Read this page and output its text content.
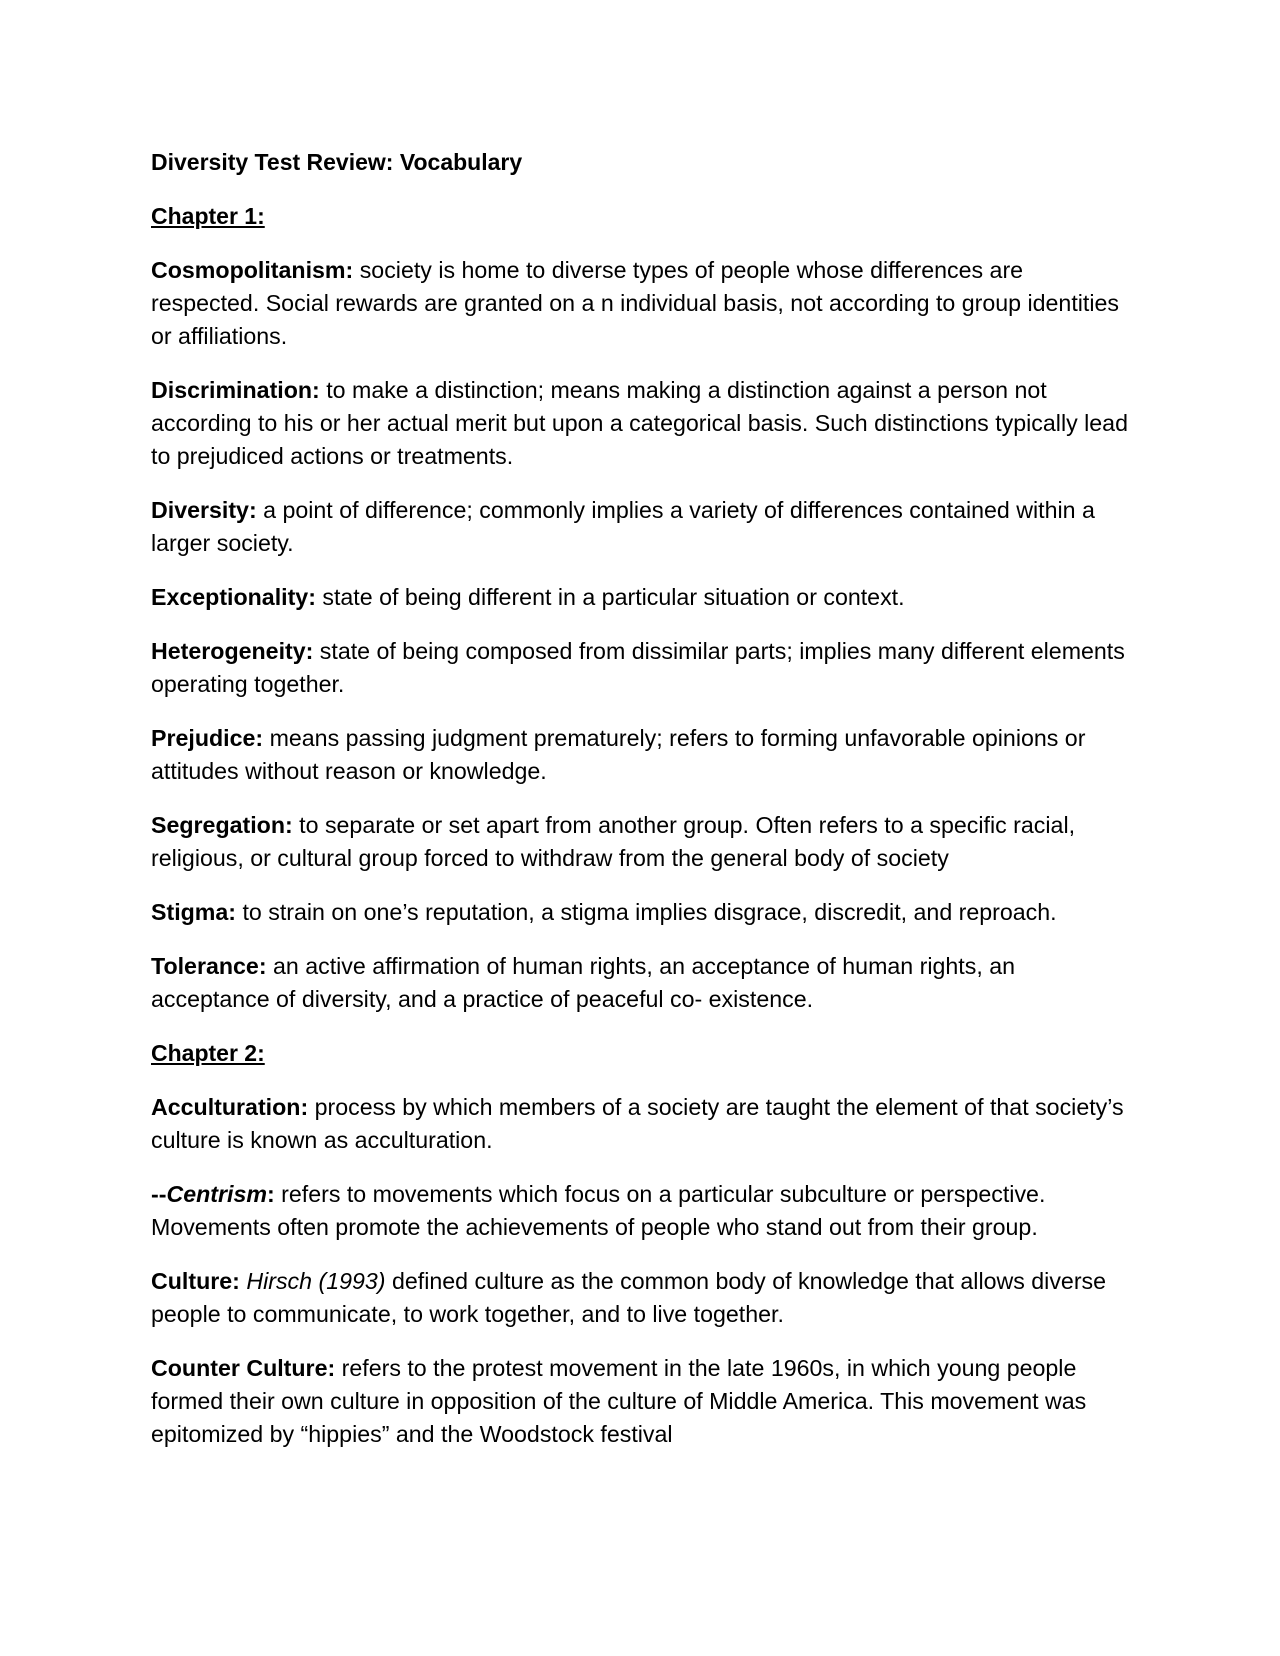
Diversity Test Review: Vocabulary
Chapter 1:

Cosmopolitanism: society is home to diverse types of people whose differences are respected. Social rewards are granted on a n individual basis, not according to group identities or affiliations.

Discrimination: to make a distinction; means making a distinction against a person not according to his or her actual merit but upon a categorical basis. Such distinctions typically lead to prejudiced actions or treatments.

Diversity: a point of difference; commonly implies a variety of differences contained within a larger society.

Exceptionality: state of being different in a particular situation or context.

Heterogeneity: state of being composed from dissimilar parts; implies many different elements operating together.

Prejudice: means passing judgment prematurely; refers to forming unfavorable opinions or attitudes without reason or knowledge.

Segregation: to separate or set apart from another group. Often refers to a specific racial, religious, or cultural group forced to withdraw from the general body of society

Stigma: to strain on one’s reputation, a stigma implies disgrace, discredit, and reproach.

Tolerance: an active affirmation of human rights, an acceptance of human rights, an acceptance of diversity, and a practice of peaceful co- existence.

Chapter 2:

Acculturation: process by which members of a society are taught the element of that society’s culture is known as acculturation.

--Centrism: refers to movements which focus on a particular subculture or perspective. Movements often promote the achievements of people who stand out from their group.

Culture: Hirsch (1993) defined culture as the common body of knowledge that allows diverse people to communicate, to work together, and to live together.

Counter Culture: refers to the protest movement in the late 1960s, in which young people formed their own culture in opposition of the culture of Middle America. This movement was epitomized by “hippies” and the Woodstock festival
